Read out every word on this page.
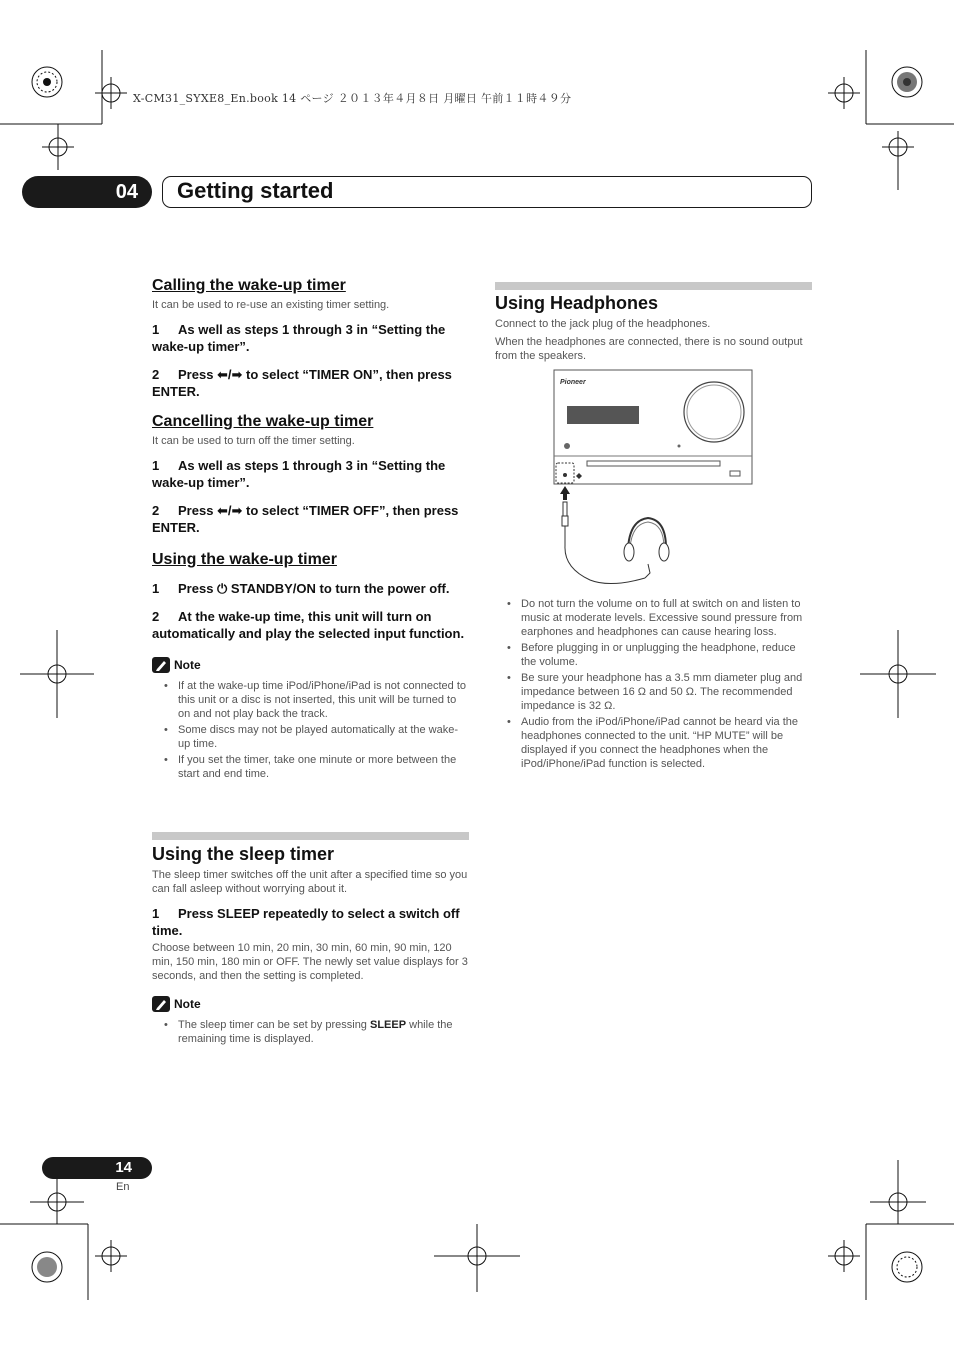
X-CM31_SYXE8_En.book 14 ページ ２０１３年４月８日 月曜日 午前１１時４９分
04	Getting started
Calling the wake-up timer
It can be used to re-use an existing timer setting.
1 As well as steps 1 through 3 in “Setting the wake-up timer”.
2 Press ⬅/➡ to select “TIMER ON”, then press ENTER.
Cancelling the wake-up timer
It can be used to turn off the timer setting.
1 As well as steps 1 through 3 in “Setting the wake-up timer”.
2 Press ⬅/➡ to select “TIMER OFF”, then press ENTER.
Using the wake-up timer
1 Press ⏻ STANDBY/ON to turn the power off.
2 At the wake-up time, this unit will turn on automatically and play the selected input function.
Note
• If at the wake-up time iPod/iPhone/iPad is not connected to this unit or a disc is not inserted, this unit will be turned to on and not play back the track.
• Some discs may not be played automatically at the wake-up time.
• If you set the timer, take one minute or more between the start and end time.
Using the sleep timer
The sleep timer switches off the unit after a specified time so you can fall asleep without worrying about it.
1 Press SLEEP repeatedly to select a switch off time.
Choose between 10 min, 20 min, 30 min, 60 min, 90 min, 120 min, 150 min, 180 min or OFF. The newly set value displays for 3 seconds, and then the setting is completed.
Note
• The sleep timer can be set by pressing SLEEP while the remaining time is displayed.
Using Headphones
Connect to the jack plug of the headphones.
When the headphones are connected, there is no sound output from the speakers.
Pioneer
• Do not turn the volume on to full at switch on and listen to music at moderate levels. Excessive sound pressure from earphones and headphones can cause hearing loss.
• Before plugging in or unplugging the headphone, reduce the volume.
• Be sure your headphone has a 3.5 mm diameter plug and impedance between 16 Ω and 50 Ω. The recommended impedance is 32 Ω.
• Audio from the iPod/iPhone/iPad cannot be heard via the headphones connected to the unit. “HP MUTE” will be displayed if you connect the headphones when the iPod/iPhone/iPad function is selected.
14
En
